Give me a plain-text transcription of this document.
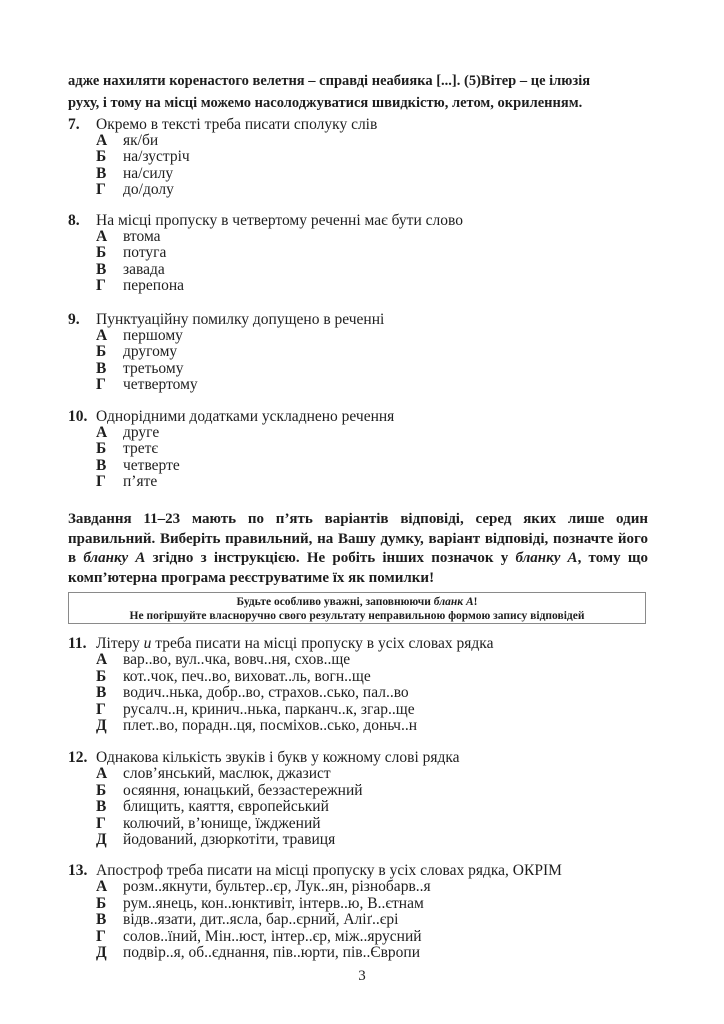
адже нахиляти коренастого велетня – справді неабияка [...]. (5)Вітер – це ілюзія
руху, і тому на місці можемо насолоджуватися швидкістю, летом, окриленням.
7. Окремо в тексті треба писати сполуку слів
А як/би
Б на/зустріч
В на/силу
Г до/долу
8. На місці пропуску в четвертому реченні має бути слово
А втома
Б потуга
В завада
Г перепона
9. Пунктуаційну помилку допущено в реченні
А першому
Б другому
В третьому
Г четвертому
10. Однорідними додатками ускладнено речення
А друге
Б третє
В четверте
Г п’яте
Завдання 11–23 мають по п’ять варіантів відповіді, серед яких лише один правильний. Виберіть правильний, на Вашу думку, варіант відповіді, позначте його в бланку А згідно з інструкцією. Не робіть інших позначок у бланку А, тому що комп’ютерна програма реєструватиме їх як помилки!
Будьте особливо уважні, заповнюючи бланк А!
Не погіршуйте власноручно свого результату неправильною формою запису відповідей
11. Літеру и треба писати на місці пропуску в усіх словах рядка
А вар..во, вул..чка, вовч..ня, схов..ще
Б кот..чок, печ..во, виховат..ль, вогн..ще
В водич..нька, добр..во, страхов..сько, пал..во
Г русалч..н, кринич..нька, парканч..к, згар..ще
Д плет..во, порадн..ця, посміхов..сько, доньч..н
12. Однакова кількість звуків і букв у кожному слові рядка
А слов’янський, маслюк, джазист
Б осяяння, юнацький, беззастережний
В блищить, каяття, європейський
Г колючий, в’юнище, їжджений
Д йодований, дзюркотіти, травиця
13. Апостроф треба писати на місці пропуску в усіх словах рядка, ОКРІМ
А розм..якнути, бультер..єр, Лук..ян, різнобарв..я
Б рум..янець, кон..юнктивіт, інтерв..ю, В..єтнам
В відв..язати, дит..ясла, бар..єрний, Аліґ..єрі
Г солов..їний, Мін..юст, інтер..єр, між..ярусний
Д подвір..я, об..єднання, пів..юрти, пів..Європи
3
